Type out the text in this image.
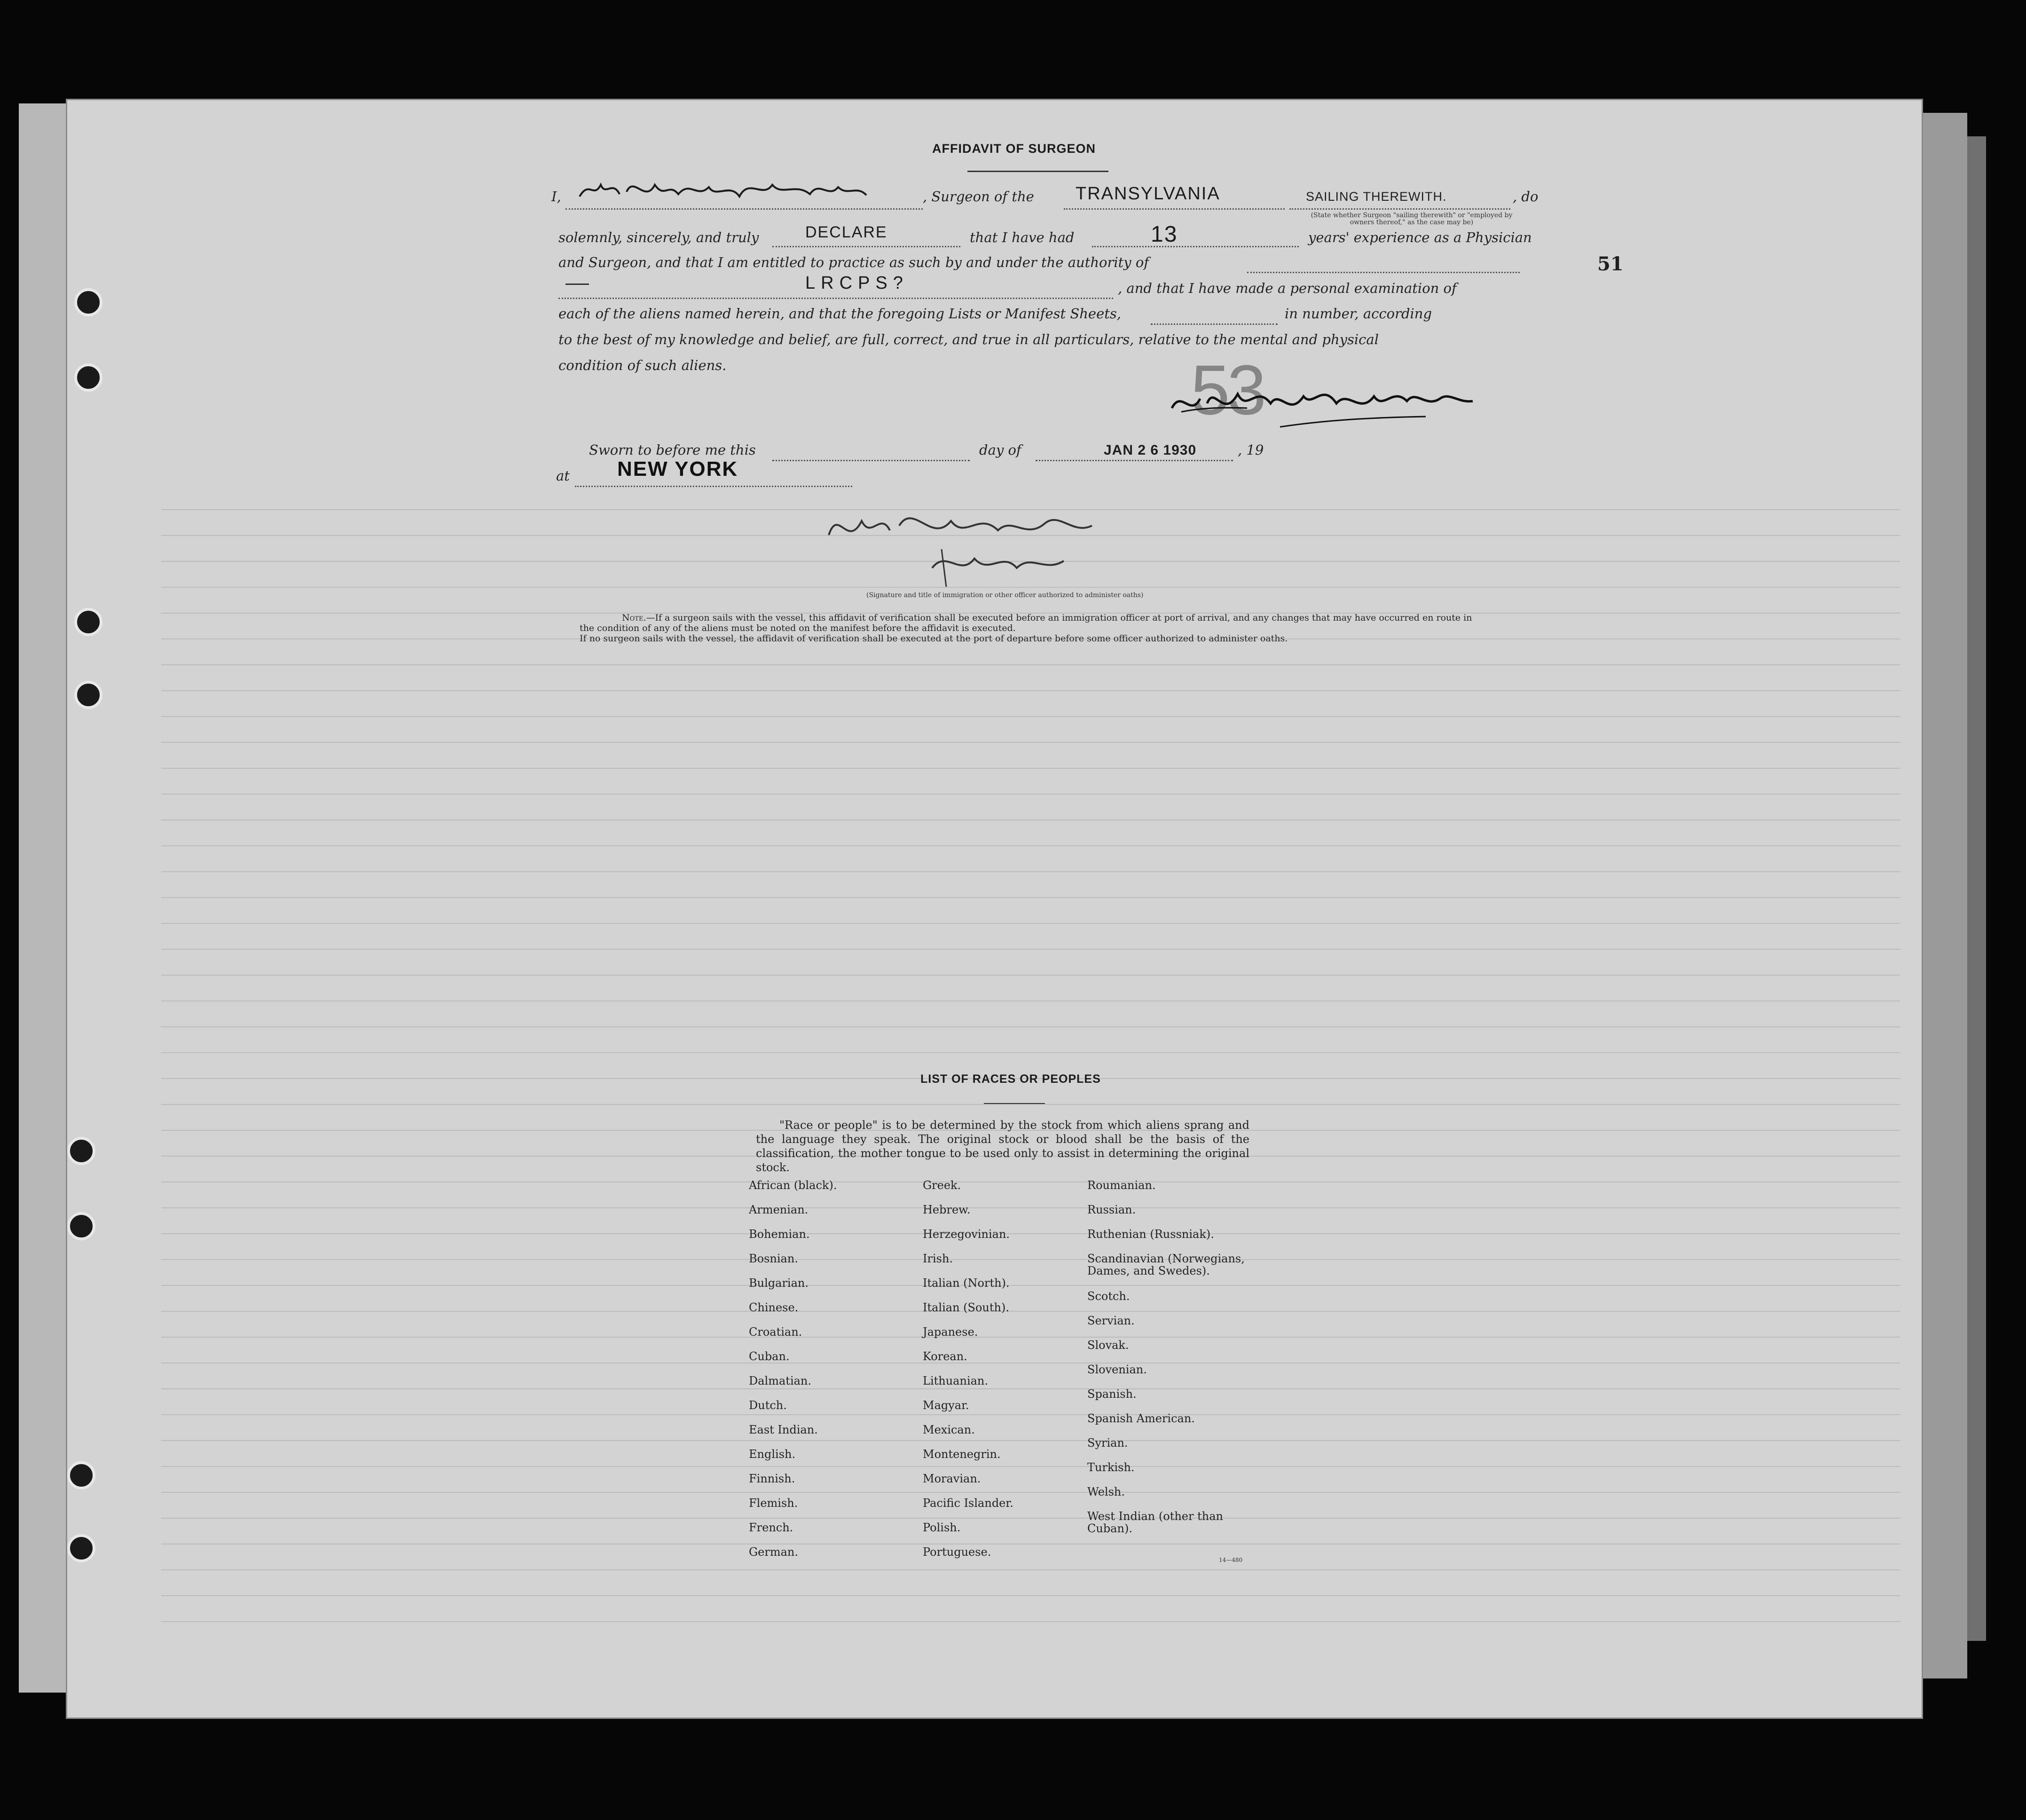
51
53
AFFIDAVIT OF SURGEON
I,	, Surgeon of the TRANSYLVANIA	SAILING THEREWITH.	, do
(State whether Surgeon "sailing therewith" or "employed by owners thereof," as the case may be)
solemnly, sincerely, and truly	DECLARE	that I have had	13	years' experience as a Physician
and Surgeon, and that I am entitled to practice as such by and under the authority of
LRCPS?	, and that I have made a personal examination of
each of the aliens named herein, and that the foregoing Lists or Manifest Sheets,	in number, according
to the best of my knowledge and belief, are full, correct, and true in all particulars, relative to the mental and physical
condition of such aliens.
Sworn to before me this	day of	JAN 2 6 1930	, 19
at NEW YORK
(Signature and title of immigration or other officer authorized to administer oaths)
Note.—If a surgeon sails with the vessel, this affidavit of verification shall be executed before an immigration officer at port of arrival, and any changes that may have occurred en route in
the condition of any of the aliens must be noted on the manifest before the affidavit is executed.
If no surgeon sails with the vessel, the affidavit of verification shall be executed at the port of departure before some officer authorized to administer oaths.
LIST OF RACES OR PEOPLES
"Race or people" is to be determined by the stock from which aliens sprang and the language they speak. The original stock or blood shall be the basis of the classification, the mother tongue to be used only to assist in determining the original stock.
African (black).
Armenian.
Bohemian.
Bosnian.
Bulgarian.
Chinese.
Croatian.
Cuban.
Dalmatian.
Dutch.
East Indian.
English.
Finnish.
Flemish.
French.
German.
Greek.
Hebrew.
Herzegovinian.
Irish.
Italian (North).
Italian (South).
Japanese.
Korean.
Lithuanian.
Magyar.
Mexican.
Montenegrin.
Moravian.
Pacific Islander.
Polish.
Portuguese.
Roumanian.
Russian.
Ruthenian (Russniak).
Scandinavian (Norwegians, Dames, and Swedes).
Scotch.
Servian.
Slovak.
Slovenian.
Spanish.
Spanish American.
Syrian.
Turkish.
Welsh.
West Indian (other than Cuban).
14—480
